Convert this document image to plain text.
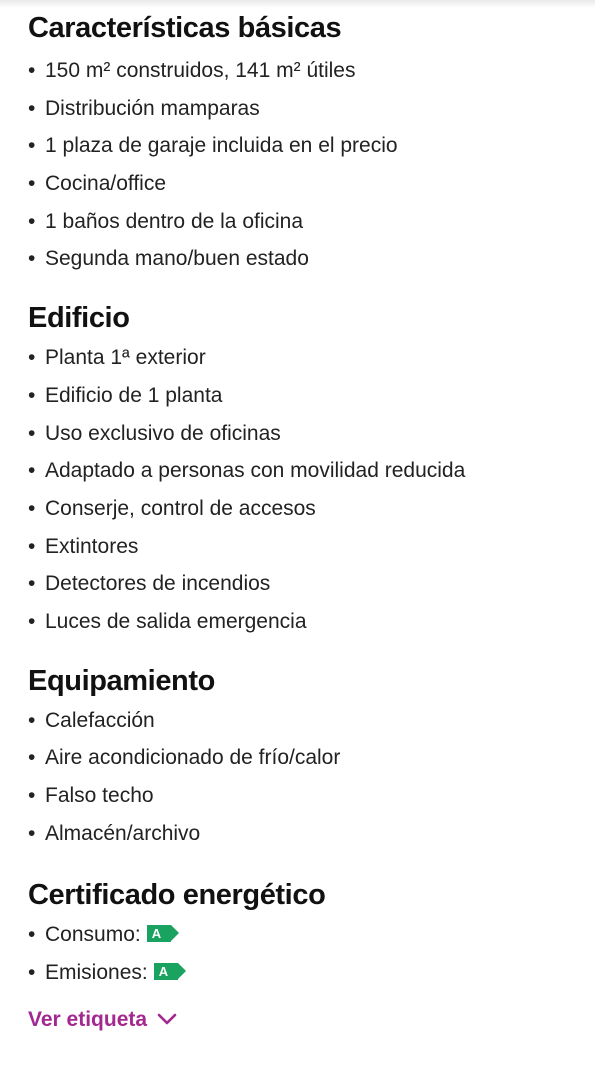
Características básicas
• 150 m² construidos, 141 m² útiles
• Distribución mamparas
• 1 plaza de garaje incluida en el precio
• Cocina/office
• 1 baños dentro de la oficina
• Segunda mano/buen estado
Edificio
• Planta 1ª exterior
• Edificio de 1 planta
• Uso exclusivo de oficinas
• Adaptado a personas con movilidad reducida
• Conserje, control de accesos
• Extintores
• Detectores de incendios
• Luces de salida emergencia
Equipamiento
• Calefacción
• Aire acondicionado de frío/calor
• Falso techo
• Almacén/archivo
Certificado energético
• Consumo: A
• Emisiones: A
Ver etiqueta
